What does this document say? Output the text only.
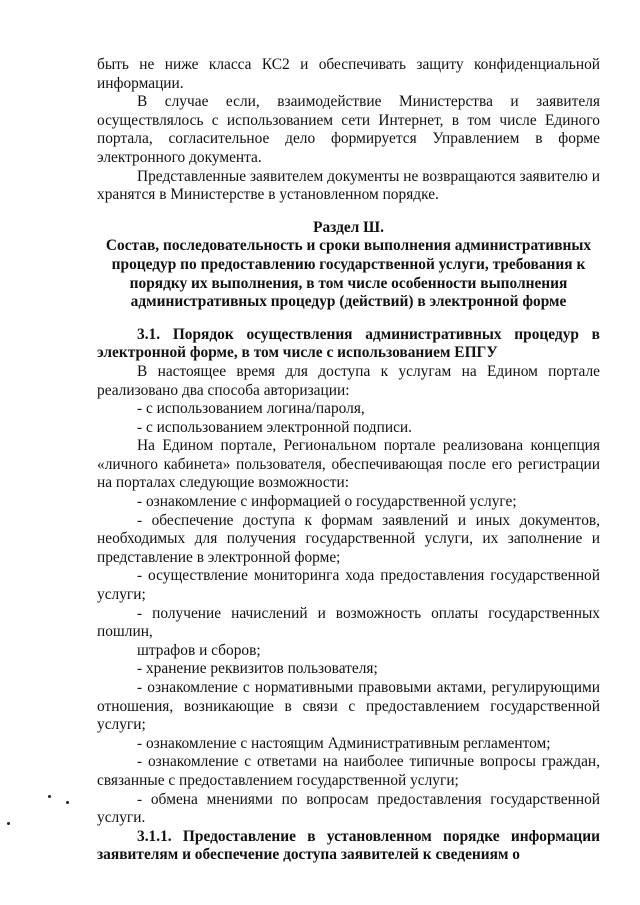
быть не ниже класса КС2 и обеспечивать защиту конфиденциальной информации.

В случае если, взаимодействие Министерства и заявителя осуществлялось с использованием сети Интернет, в том числе Единого портала, согласительное дело формируется Управлением в форме электронного документа.

Представленные заявителем документы не возвращаются заявителю и хранятся в Министерстве в установленном порядке.

Раздел Ш.
Состав, последовательность и сроки выполнения административных процедур по предоставлению государственной услуги, требования к порядку их выполнения, в том числе особенности выполнения административных процедур (действий) в электронной форме

3.1. Порядок осуществления административных процедур в электронной форме, в том числе с использованием ЕПГУ

В настоящее время для доступа к услугам на Едином портале реализовано два способа авторизации:

- с использованием логина/пароля,

- с использованием электронной подписи.

На Едином портале, Региональном портале реализована концепция «личного кабинета» пользователя, обеспечивающая после его регистрации на порталах следующие возможности:

- ознакомление с информацией о государственной услуге;

- обеспечение доступа к формам заявлений и иных документов, необходимых для получения государственной услуги, их заполнение и представление в электронной форме;

- осуществление мониторинга хода предоставления государственной услуги;

- получение начислений и возможность оплаты государственных пошлин,

штрафов и сборов;

- хранение реквизитов пользователя;

- ознакомление с нормативными правовыми актами, регулирующими отношения, возникающие в связи с предоставлением государственной услуги;

- ознакомление с настоящим Административным регламентом;

- ознакомление с ответами на наиболее типичные вопросы граждан, связанные с предоставлением государственной услуги;

- обмена мнениями по вопросам предоставления государственной услуги.

3.1.1. Предоставление в установленном порядке информации заявителям и обеспечение доступа заявителей к сведениям о
